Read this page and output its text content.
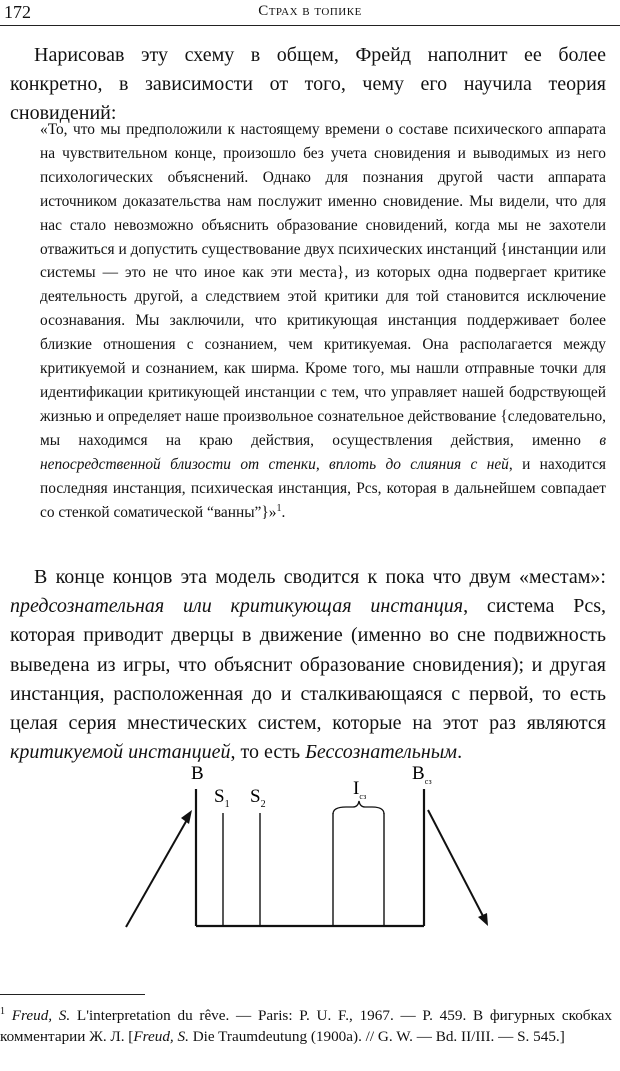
172	Страх в топике

Нарисовав эту схему в общем, Фрейд наполнит ее более конкретно, в зависимости от того, чему его научила теория сновидений:

«То, что мы предположили к настоящему времени о составе психического аппарата на чувствительном конце, произошло без учета сновидения и выводимых из него психологических объяснений. Однако для познания другой части аппарата источником доказательства нам послужит именно сновидение. Мы видели, что для нас стало невозможно объяснить образование сновидений, когда мы не захотели отважиться и допустить существование двух психических инстанций {инстанции или системы — это не что иное как эти места}, из которых одна подвергает критике деятельность другой, а следствием этой критики для той становится исключение осознавания. Мы заключили, что критикующая инстанция поддерживает более близкие отношения с сознанием, чем критикуемая. Она располагается между критикуемой и сознанием, как ширма. Кроме того, мы нашли отправные точки для идентификации критикующей инстанции с тем, что управляет нашей бодрствующей жизнью и определяет наше произвольное сознательное действование {следовательно, мы находимся на краю действия, осуществления действия, именно в непосредственной близости от стенки, вплоть до слияния с ней, и находится последняя инстанция, психическая инстанция, Pcs, которая в дальнейшем совпадает со стенкой соматической “ванны”}»$^1$.

В конце концов эта модель сводится к пока что двум «местам»: предсознательная или критикующая инстанция, система Pcs, которая приводит дверцы в движение (именно во сне подвижность выведена из игры, что объяснит образование сновидения); и другая инстанция, расположенная до и сталкивающаяся с первой, то есть целая серия мнестических систем, которые на этот раз являются критикуемой инстанцией, то есть Бессознательным.

B
$S_1$ $S_2$
$I_{сз}$
$B_{сз}$

$^1$ Freud, S. L'interpretation du rêve. — Paris: P. U. F., 1967. — P. 459. В фигурных скобках комментарии Ж. Л. [Freud, S. Die Traumdeutung (1900a). // G. W. — Bd. II/III. — S. 545.]
